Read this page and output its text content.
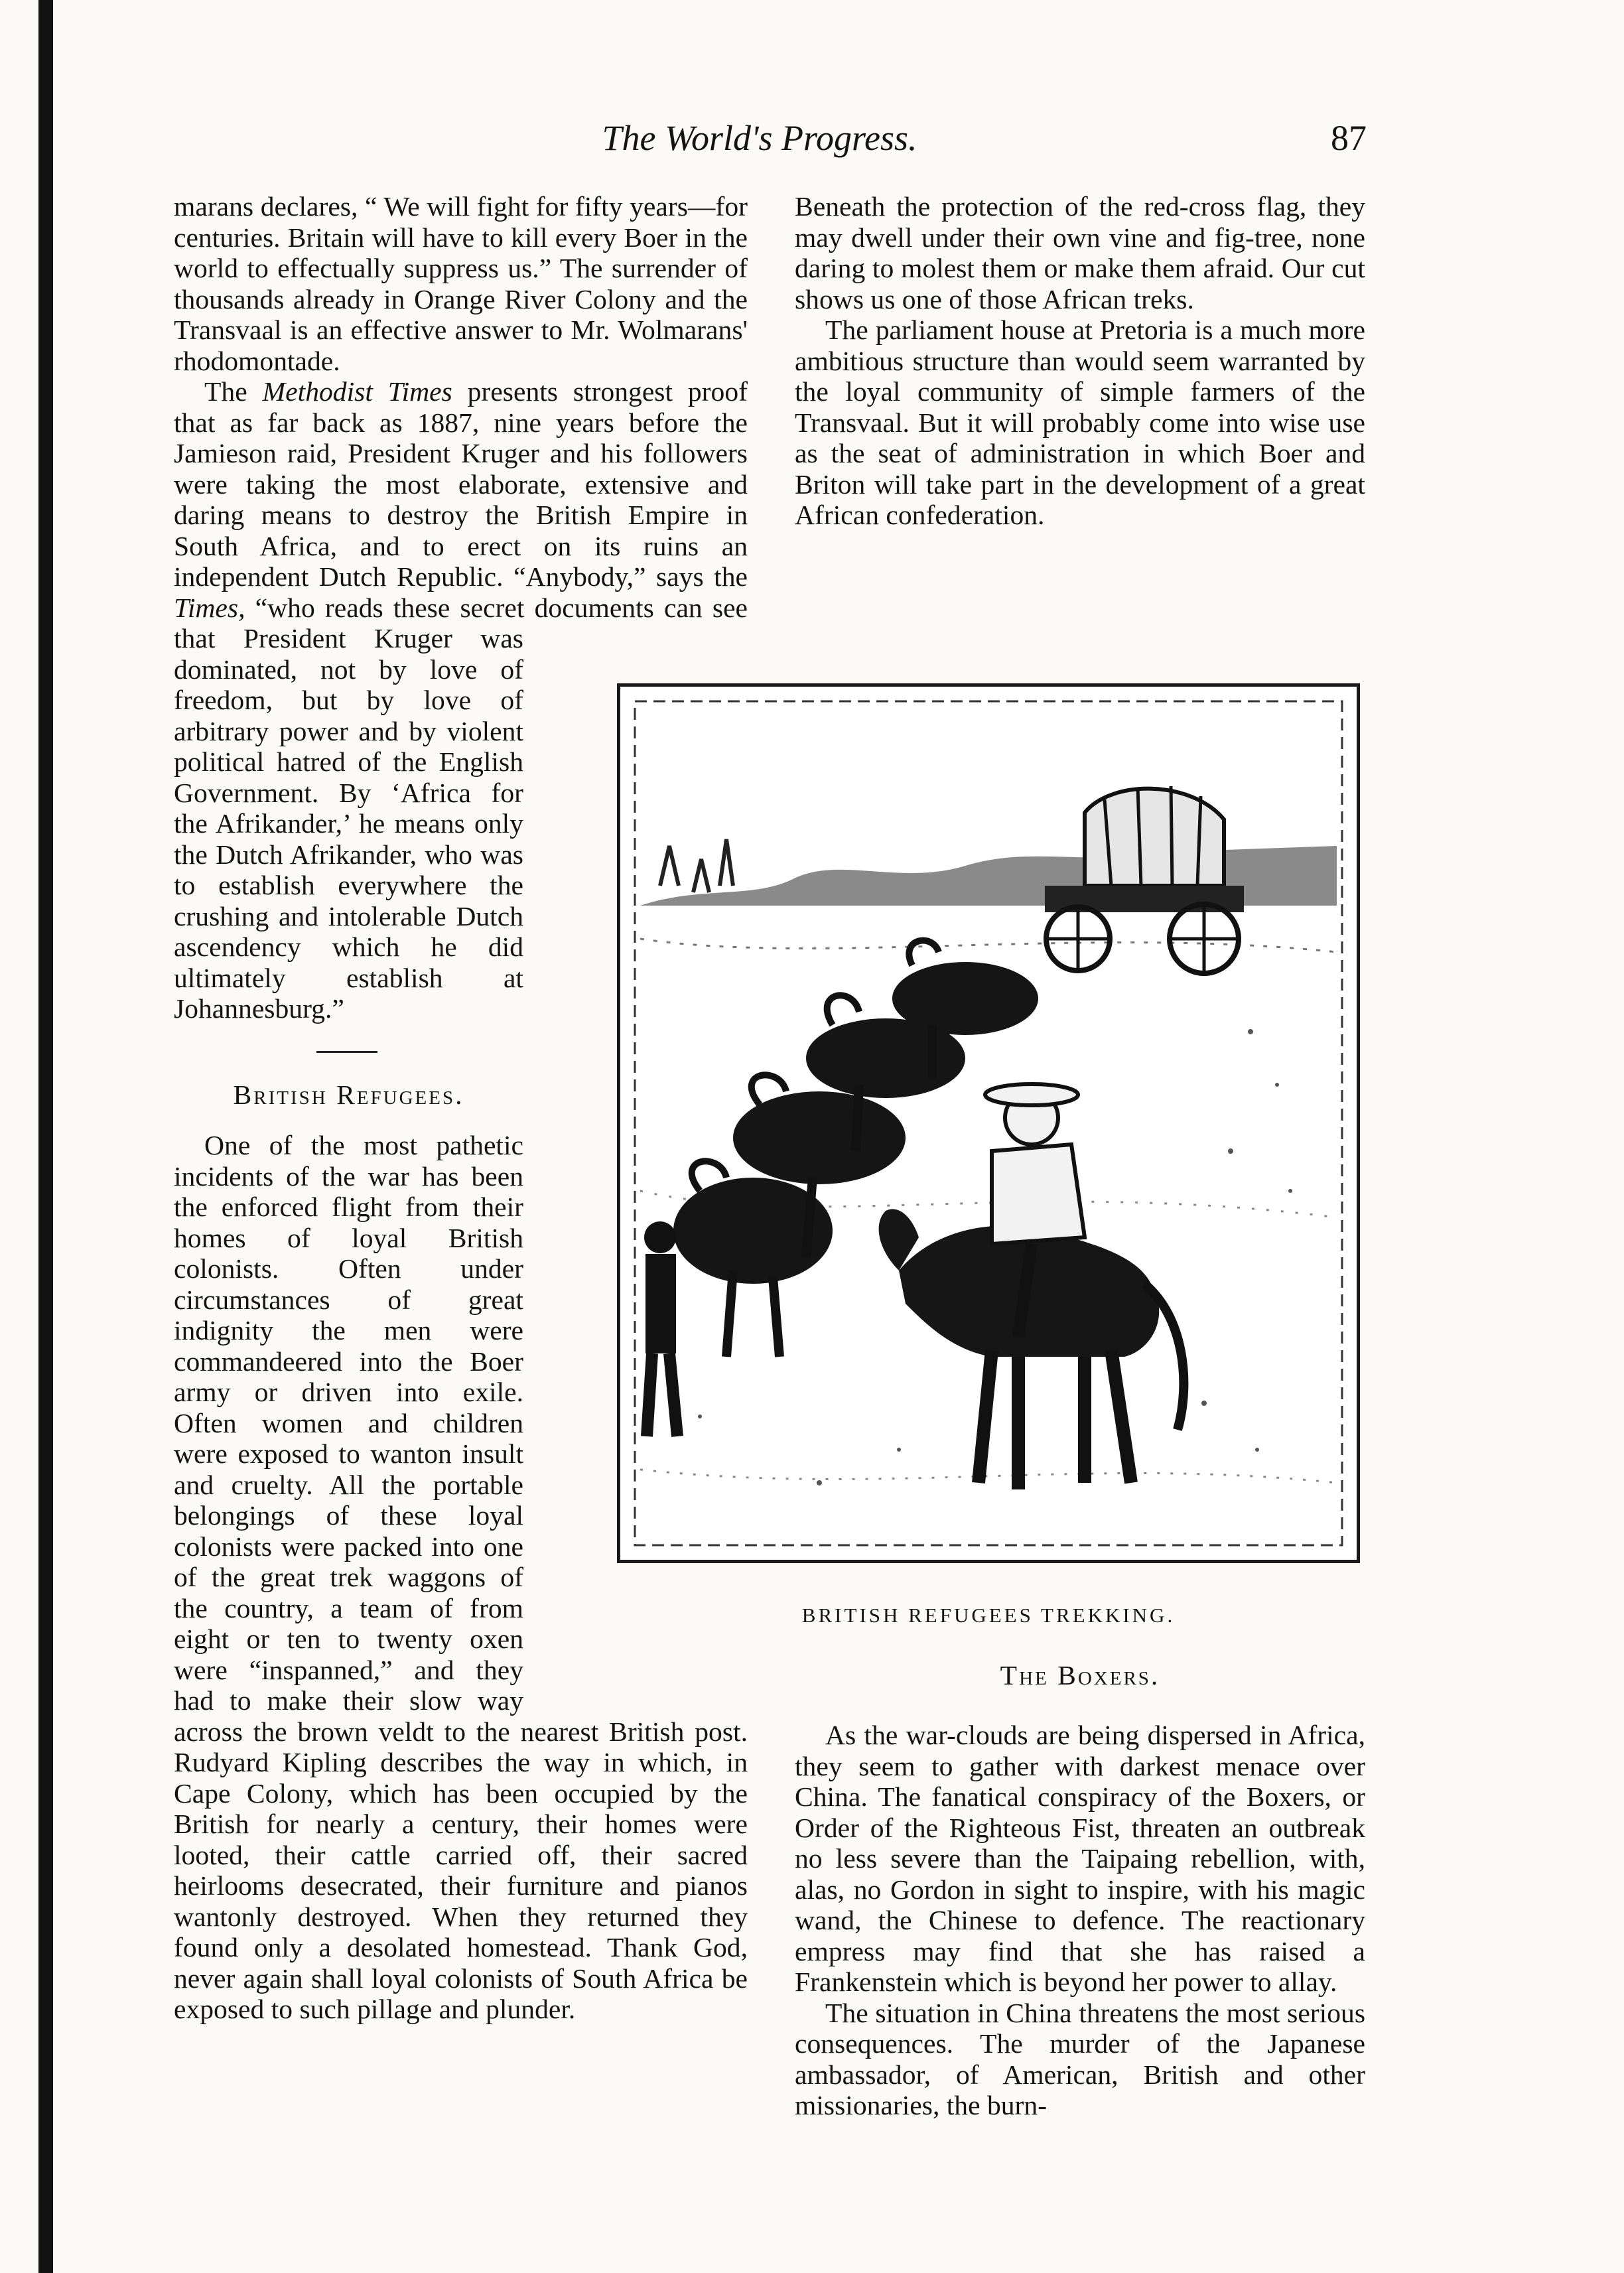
The World's Progress.	87

marans declares, “ We will fight for fifty years—for centuries. Britain will have to kill every Boer in the world to effectually suppress us.” The surrender of thousands already in Orange River Colony and the Transvaal is an effective answer to Mr. Wolmarans' rhodomontade.

The Methodist Times presents strongest proof that as far back as 1887, nine years before the Jamieson raid, President Kruger and his followers were taking the most elaborate, extensive and daring means to destroy the British Empire in South Africa, and to erect on its ruins an independent Dutch Republic. “Anybody,” says the Times, “who reads these secret documents can see that President Kruger was dominated, not by love of freedom, but by love of arbitrary power and by violent political hatred of the English Government. By ‘Africa for the Afrikander,’ he means only the Dutch Afrikander, who was to establish everywhere the crushing and intolerable Dutch ascendency which he did ultimately establish at Johannesburg.”

British Refugees.

One of the most pathetic incidents of the war has been the enforced flight from their homes of loyal British colonists. Often under circumstances of great indignity the men were commandeered into the Boer army or driven into exile. Often women and children were exposed to wanton insult and cruelty. All the portable belongings of these loyal colonists were packed into one of the great trek waggons of the country, a team of from eight or ten to twenty oxen were “inspanned,” and they had to make their slow way across the brown veldt to the nearest British post. Rudyard Kipling describes the way in which, in Cape Colony, which has been occupied by the British for nearly a century, their homes were looted, their cattle carried off, their sacred heirlooms desecrated, their furniture and pianos wantonly destroyed. When they returned they found only a desolated homestead. Thank God, never again shall loyal colonists of South Africa be exposed to such pillage and plunder.

Beneath the protection of the red-cross flag, they may dwell under their own vine and fig-tree, none daring to molest them or make them afraid. Our cut shows us one of those African treks.

The parliament house at Pretoria is a much more ambitious structure than would seem warranted by the loyal community of simple farmers of the Transvaal. But it will probably come into wise use as the seat of administration in which Boer and Briton will take part in the development of a great African confederation.

BRITISH REFUGEES TREKKING.
The Boxers.

As the war-clouds are being dispersed in Africa, they seem to gather with darkest menace over China. The fanatical conspiracy of the Boxers, or Order of the Righteous Fist, threaten an outbreak no less severe than the Taipaing rebellion, with, alas, no Gordon in sight to inspire, with his magic wand, the Chinese to defence. The reactionary empress may find that she has raised a Frankenstein which is beyond her power to allay.

The situation in China threatens the most serious consequences. The murder of the Japanese ambassador, of American, British and other missionaries, the burn-
